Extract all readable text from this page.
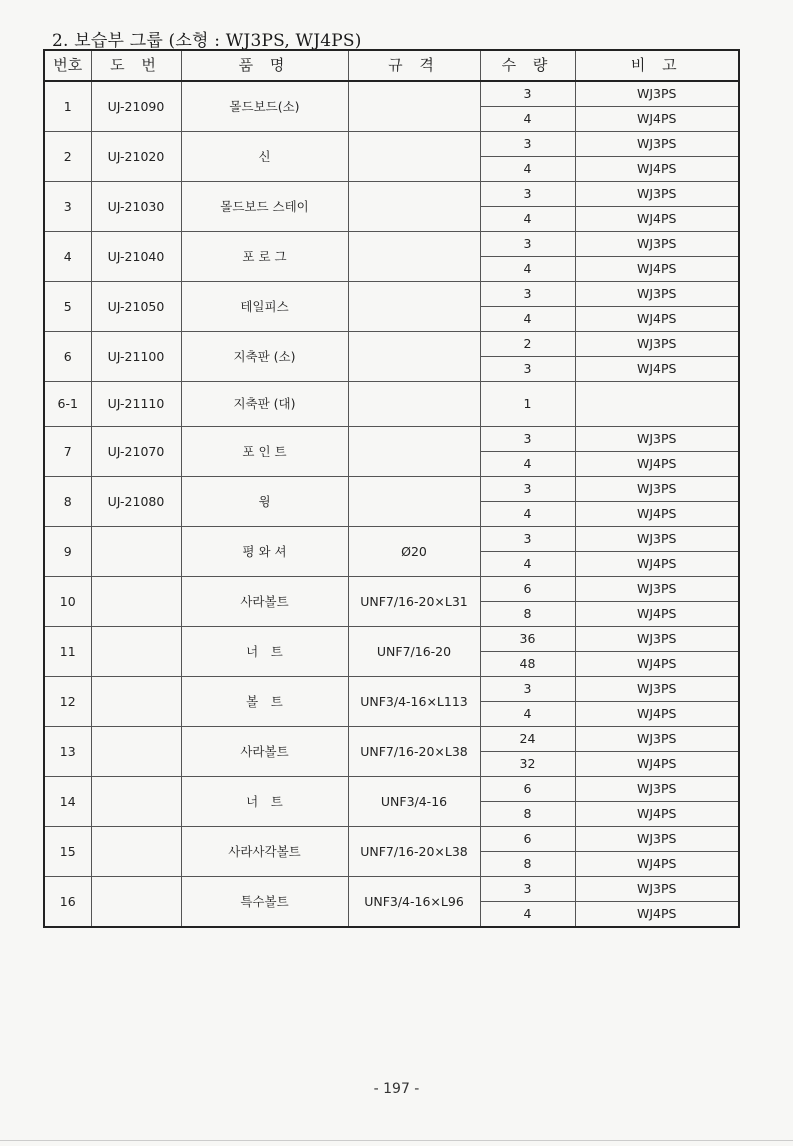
2. 보습부 그룹 (소형 : WJ3PS, WJ4PS)
번호	도 번	품 명	규 격	수 량	비 고
1	UJ-21090	몰드보드(소)		3	WJ3PS
				4	WJ4PS
2	UJ-21020	신		3	WJ3PS
				4	WJ4PS
3	UJ-21030	몰드보드 스테이		3	WJ3PS
				4	WJ4PS
4	UJ-21040	포 로 그		3	WJ3PS
				4	WJ4PS
5	UJ-21050	테일피스		3	WJ3PS
				4	WJ4PS
6	UJ-21100	지축판 (소)		2	WJ3PS
				3	WJ4PS
6-1	UJ-21110	지축판 (대)		1	
7	UJ-21070	포 인 트		3	WJ3PS
				4	WJ4PS
8	UJ-21080	윙		3	WJ3PS
				4	WJ4PS
9		평 와 셔	Ø20	3	WJ3PS
				4	WJ4PS
10		사라볼트	UNF7/16-20×L31	6	WJ3PS
				8	WJ4PS
11		너　트	UNF7/16-20	36	WJ3PS
				48	WJ4PS
12		볼　트	UNF3/4-16×L113	3	WJ3PS
				4	WJ4PS
13		사라볼트	UNF7/16-20×L38	24	WJ3PS
				32	WJ4PS
14		너　트	UNF3/4-16	6	WJ3PS
				8	WJ4PS
15		사라사각볼트	UNF7/16-20×L38	6	WJ3PS
				8	WJ4PS
16		특수볼트	UNF3/4-16×L96	3	WJ3PS
				4	WJ4PS
- 197 -
